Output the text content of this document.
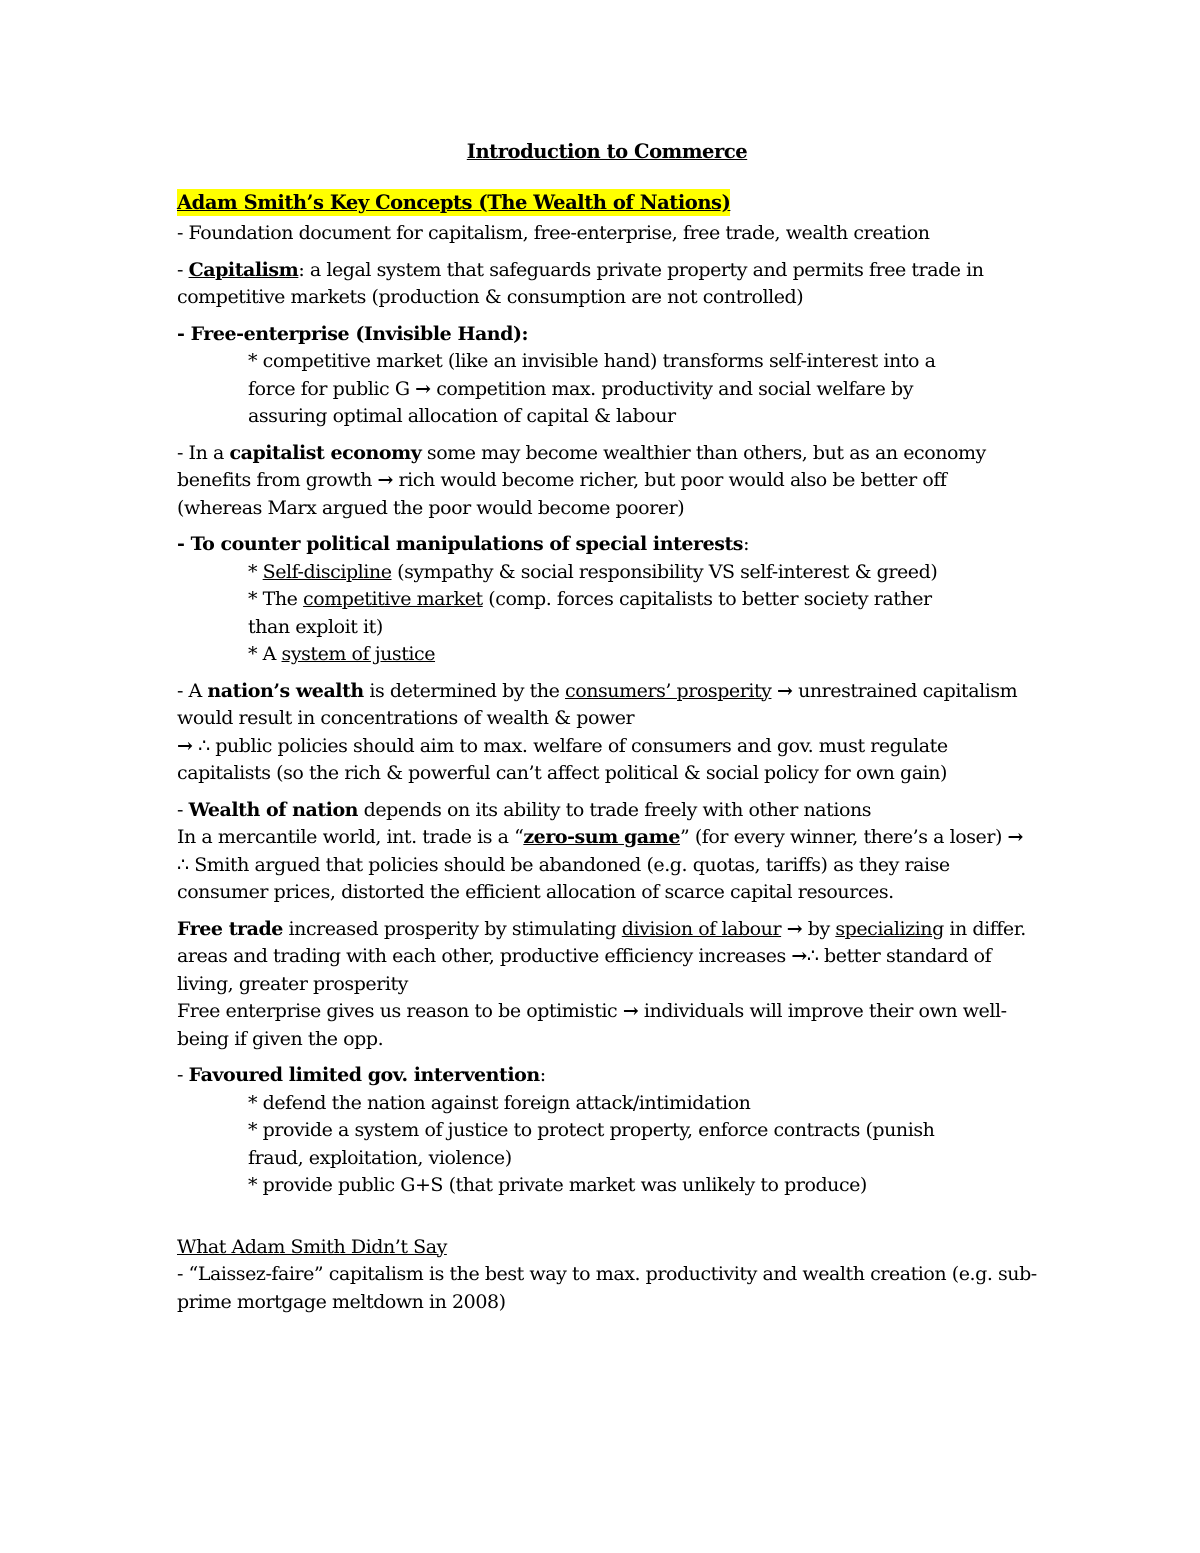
Introduction to Commerce
Adam Smith’s Key Concepts (The Wealth of Nations)

- Foundation document for capitalism, free-enterprise, free trade, wealth creation

- Capitalism: a legal system that safeguards private property and permits free trade in competitive markets (production & consumption are not controlled)

- Free-enterprise (Invisible Hand):
* competitive market (like an invisible hand) transforms self-interest into a
force for public G → competition max. productivity and social welfare by
assuring optimal allocation of capital & labour
- In a capitalist economy some may become wealthier than others, but as an economy benefits from growth → rich would become richer, but poor would also be better off
(whereas Marx argued the poor would become poorer)
- To counter political manipulations of special interests:
* Self-discipline (sympathy & social responsibility VS self-interest & greed)
* The competitive market (comp. forces capitalists to better society rather
than exploit it)
* A system of justice
- A nation’s wealth is determined by the consumers’ prosperity → unrestrained capitalism would result in concentrations of wealth & power
→ ∴ public policies should aim to max. welfare of consumers and gov. must regulate capitalists (so the rich & powerful can’t affect political & social policy for own gain)
- Wealth of nation depends on its ability to trade freely with other nations
In a mercantile world, int. trade is a “zero-sum game” (for every winner, there’s a loser) → ∴ Smith argued that policies should be abandoned (e.g. quotas, tariffs) as they raise consumer prices, distorted the efficient allocation of scarce capital resources.
Free trade increased prosperity by stimulating division of labour → by specializing in differ. areas and trading with each other, productive efficiency increases →∴ better standard of living, greater prosperity
Free enterprise gives us reason to be optimistic → individuals will improve their own well-being if given the opp.
- Favoured limited gov. intervention:
* defend the nation against foreign attack/intimidation
* provide a system of justice to protect property, enforce contracts (punish
fraud, exploitation, violence)
* provide public G+S (that private market was unlikely to produce)
What Adam Smith Didn’t Say

- “Laissez-faire” capitalism is the best way to max. productivity and wealth creation (e.g. sub-prime mortgage meltdown in 2008)
